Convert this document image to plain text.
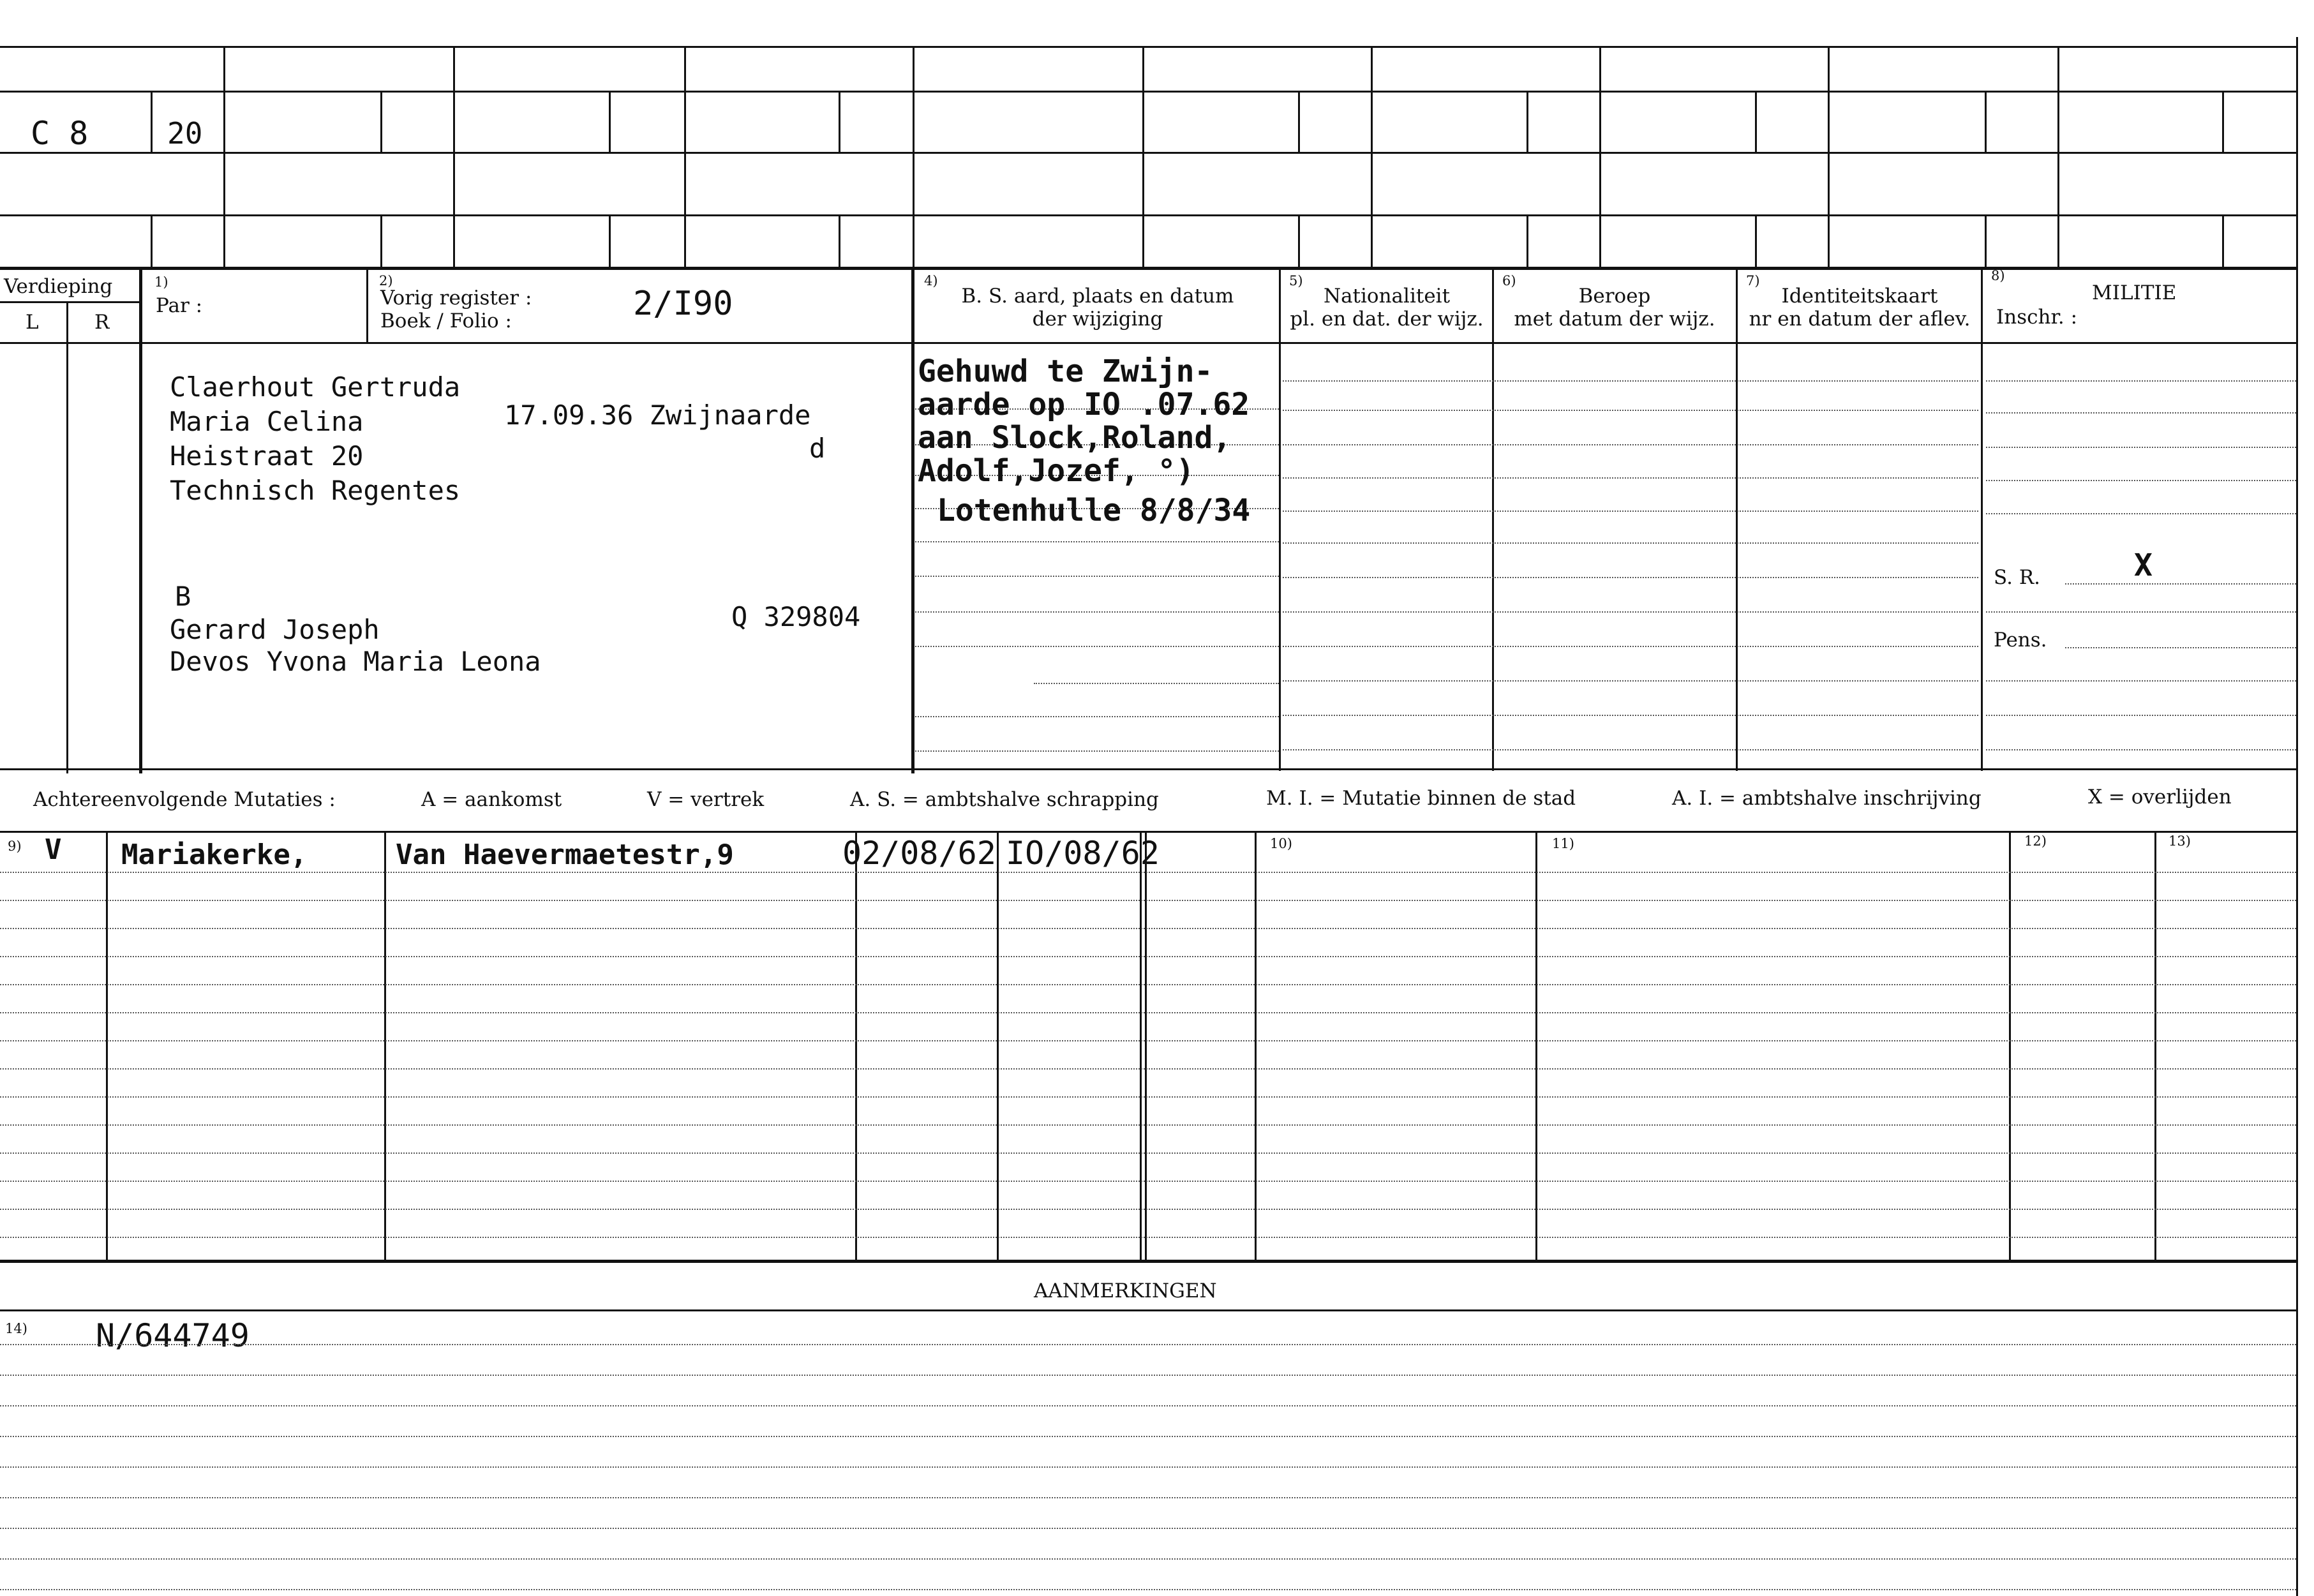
C 8	20
Verdieping
L	R
1)
Par :
2)
Vorig register :
Boek / Folio :	2/I90
4)
B. S. aard, plaats en datum
der wijziging
5)
Nationaliteit
pl. en dat. der wijz.
6)
Beroep
met datum der wijz.
7)
Identiteitskaart
nr en datum der aflev.
8)
MILITIE
Inschr. :
S. R.	X
Pens.
Claerhout Gertruda
Maria Celina
Heistraat 20
Technisch Regentes
17.09.36 Zwijnaarde
d
B
Gerard Joseph
Devos Yvona Maria Leona
Q 329804
Gehuwd te Zwijn-
aarde op IO .07.62
aan Slock,Roland,
Adolf,Jozef, °)
Lotenhulle 8/8/34
Achtereenvolgende Mutaties :	A = aankomst	V = vertrek	A. S. = ambtshalve schrapping	M. I. = Mutatie binnen de stad	A. I. = ambtshalve inschrijving	X = overlijden
9)	10)	11)	12)	13)
V Mariakerke,	Van Haevermaetestr,9	02/08/62 IO/08/62
AANMERKINGEN
14) N/644749
